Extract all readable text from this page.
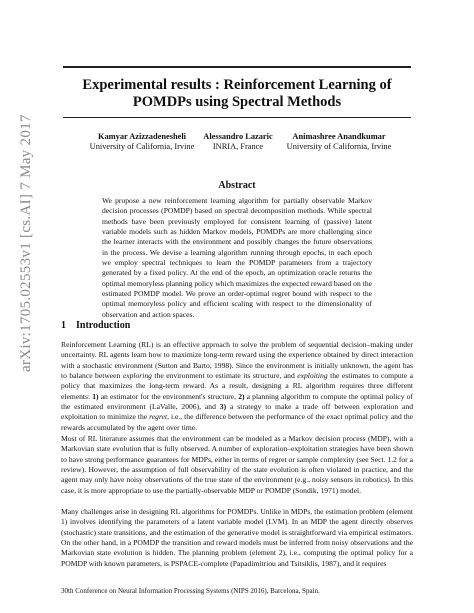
arXiv:1705.02553v1 [cs.AI] 7 May 2017
Experimental results : Reinforcement Learning of POMDPs using Spectral Methods
Kamyar Azizzadenesheli
University of California, Irvine
Alessandro Lazaric
INRIA, France
Animashree Anandkumar
University of California, Irvine
Abstract
We propose a new reinforcement learning algorithm for partially observable Markov decision processes (POMDP) based on spectral decomposition methods. While spectral methods have been previously employed for consistent learning of (passive) latent variable models such as hidden Markov models, POMDPs are more challenging since the learner interacts with the environment and possibly changes the future observations in the process. We devise a learning algorithm running through epochs, in each epoch we employ spectral techniques to learn the POMDP parameters from a trajectory generated by a fixed policy. At the end of the epoch, an optimization oracle returns the optimal memoryless planning policy which maximizes the expected reward based on the estimated POMDP model. We prove an order-optimal regret bound with respect to the optimal memoryless policy and efficient scaling with respect to the dimensionality of observation and action spaces.
1 Introduction
Reinforcement Learning (RL) is an effective approach to solve the problem of sequential decision–making under uncertainty. RL agents learn how to maximize long-term reward using the experience obtained by direct interaction with a stochastic environment (Sutton and Barto, 1998). Since the environment is initially unknown, the agent has to balance between exploring the environment to estimate its structure, and exploiting the estimates to compute a policy that maximizes the long-term reward. As a result, designing a RL algorithm requires three different elements: 1) an estimator for the environment's structure, 2) a planning algorithm to compute the optimal policy of the estimated environment (LaValle, 2006), and 3) a strategy to make a trade off between exploration and exploitation to minimize the regret, i.e., the difference between the performance of the exact optimal policy and the rewards accumulated by the agent over time.
Most of RL literature assumes that the environment can be modeled as a Markov decision process (MDP), with a Markovian state evolution that is fully observed. A number of exploration–exploitation strategies have been shown to have strong performance guarantees for MDPs, either in terms of regret or sample complexity (see Sect. 1.2 for a review). However, the assumption of full observability of the state evolution is often violated in practice, and the agent may only have noisy observations of the true state of the environment (e.g., noisy sensors in robotics). In this case, it is more appropriate to use the partially-observable MDP or POMDP (Sondik, 1971) model.
Many challenges arise in designing RL algorithms for POMDPs. Unlike in MDPs, the estimation problem (element 1) involves identifying the parameters of a latent variable model (LVM). In an MDP the agent directly observes (stochastic) state transitions, and the estimation of the generative model is straightforward via empirical estimators. On the other hand, in a POMDP the transition and reward models must be inferred from noisy observations and the Markovian state evolution is hidden. The planning problem (element 2), i.e., computing the optimal policy for a POMDP with known parameters, is PSPACE-complete (Papadimitriou and Tsitsiklis, 1987), and it requires
30th Conference on Neural Information Processing Systems (NIPS 2016), Barcelona, Spain.
